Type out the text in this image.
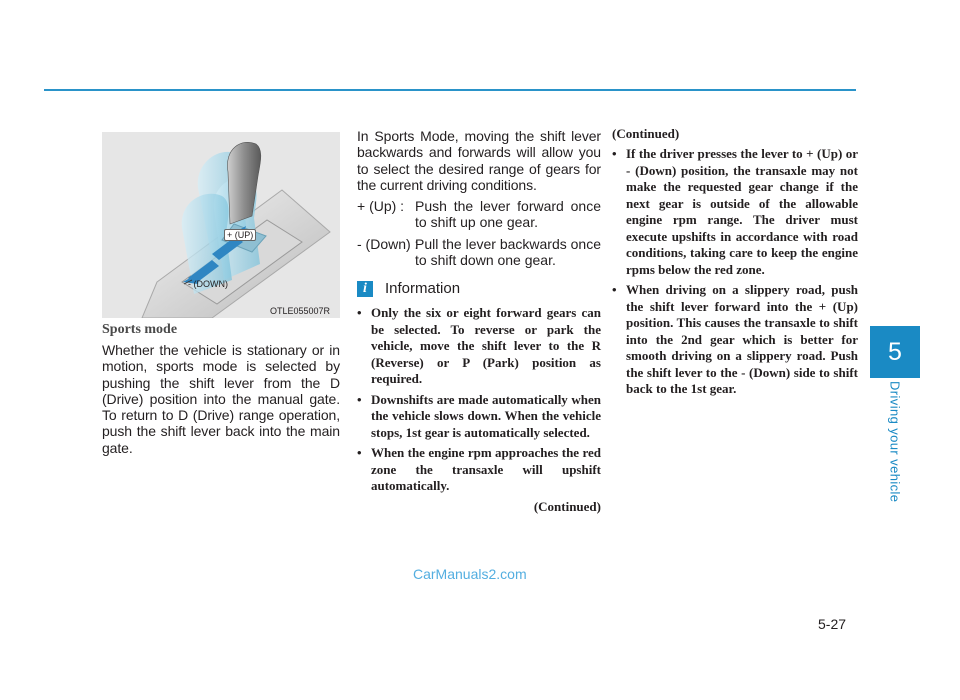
5
Driving your vehicle
+ (UP)
- (DOWN)
OTLE055007R
Sports mode

Whether the vehicle is stationary or in motion, sports mode is selected by pushing the shift lever from the D (Drive) position into the manual gate. To return to D (Drive) range operation, push the shift lever back into the main gate.

In Sports Mode, moving the shift lever backwards and forwards will allow you to select the desired range of gears for the current driving conditions.

+ (Up) : Push the lever forward once to shift up one gear.
- (Down) :
Pull the lever backwards once to shift down one gear.
i	Information
• Only the six or eight forward gears can be selected. To reverse or park the vehicle, move the shift lever to the R (Reverse) or P (Park) position as required.
• Downshifts are made automatically when the vehicle slows down. When the vehicle stops, 1st gear is automatically selected.
• When the engine rpm approaches the red zone the transaxle will upshift automatically.
(Continued)
(Continued)
• If the driver presses the lever to + (Up) or - (Down) position, the transaxle may not make the requested gear change if the next gear is outside of the allowable engine rpm range. The driver must execute upshifts in accordance with road conditions, taking care to keep the engine rpms below the red zone.
• When driving on a slippery road, push the shift lever forward into the + (Up) position. This causes the transaxle to shift into the 2nd gear which is better for smooth driving on a slippery road. Push the shift lever to the - (Down) side to shift back to the 1st gear.
CarManuals2.com
5-27
